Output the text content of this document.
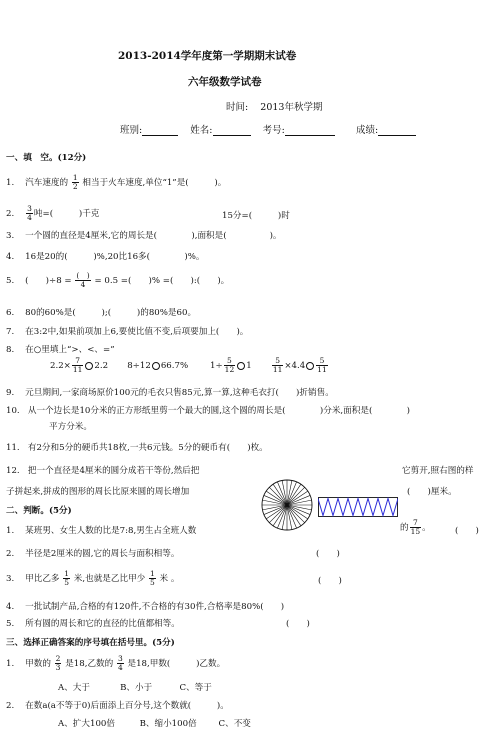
2013-2014学年度第一学期期末试卷
六年级数学试卷
时间: 2013年秋学期
班别:	姓名:	考号:	成绩:
一、填　空。(12分)
1. 汽车速度的 $\frac{1}{2}$ 相当于火车速度,单位“1”是(　　　)。
2. $\frac{3}{4}$ 吨=(　　　)千克	15分=(　　　)时
3. 一个圆的直径是4厘米,它的周长是(　　　　),面积是(　　　　　)。
4. 16是20的(　　　)%,20比16多(　　　　)%。
5. (　　)$\div 8 = \frac{( )}{4} = 0.5$ =(　　)% =(　　):(　　)。
6. 80的60%是(　　　);(　　　)的80%是60。
7. 在3:2中,如果前项加上6,要使比值不变,后项要加上(　　)。
8. 在○里填上“>、<、=”
$2.2\times \frac{7}{11} 2.2$ 8÷12 66.7%	$1\div \frac{5}{12} 1$	$\frac{5}{11} \times 4.4 \frac{5}{11}$
9. 元旦期间,一家商场原价100元的毛衣只售85元,算一算,这种毛衣打(　　)折销售。
10. 从一个边长是10分米的正方形纸里剪一个最大的圆,这个圆的周长是(　　　　)分米,面积是(　　　　)
平方分米。
11. 有2分和5分的硬币共18枚,一共6元钱。5分的硬币有(　　)枚。
12. 把一个直径是4厘米的圆分成若干等份,然后把	它剪开,照右图的样
子拼起来,拼成的图形的周长比原来圆的周长增加	(　　)厘米。
二、判断。(5分)
1. 某班男、女生人数的比是7:8,男生占全班人数	的 $\frac{7}{15}$ 。	(　　)
2. 半径是2厘米的圆,它的周长与面积相等。	(　　)
3. 甲比乙多 $\frac{1}{5}$ 米,也就是乙比甲少 $\frac{1}{5}$ 米 。	(　　)
4. 一批试制产品,合格的有120件,不合格的有30件,合格率是80%(　　)
5. 所有圆的周长和它的直径的比值都相等。	(　　)
三、选择正确答案的序号填在括号里。(5分)
1. 甲数的 $\frac{2}{3}$ 是18,乙数的 $\frac{3}{4}$ 是18,甲数(　　　)乙数。
A、大于	B、小于	C、等于
2. 在数a(a不等于0)后面添上百分号,这个数就(　　　)。
A、扩大100倍	B、缩小100倍	C、不变
